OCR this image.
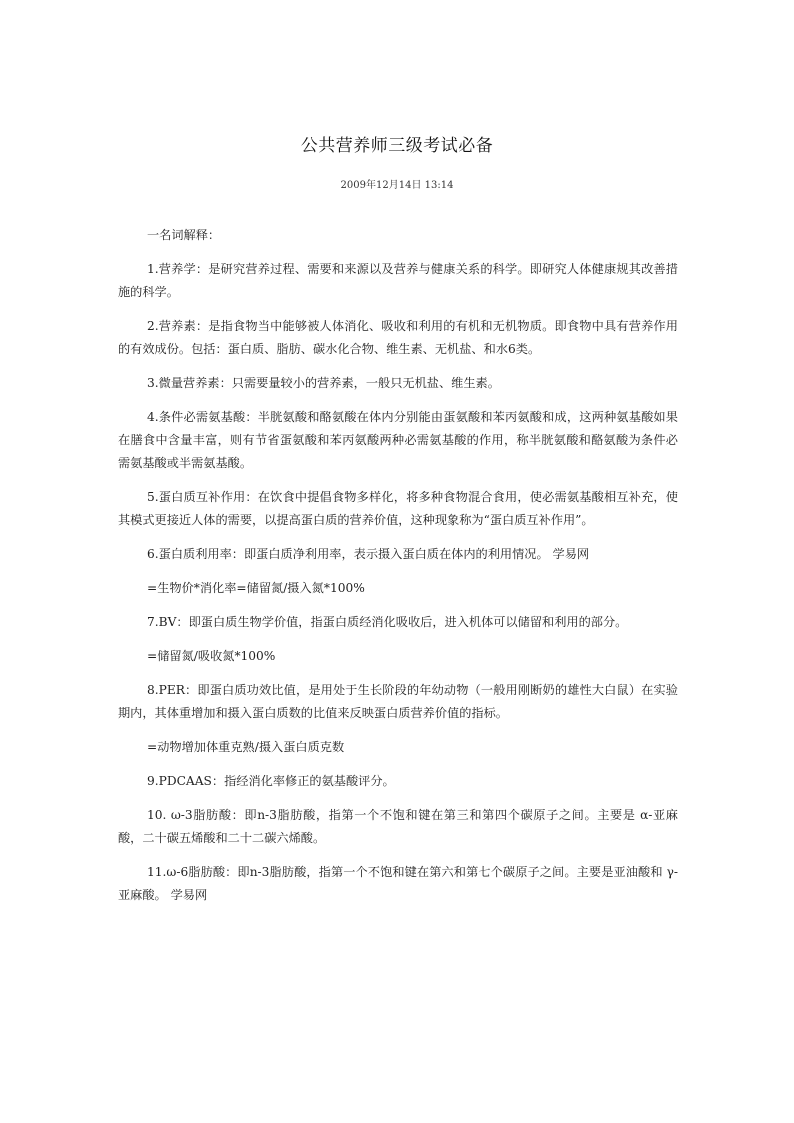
公共营养师三级考试必备
2009年12月14日 13:14

一名词解释：

1.营养学：是研究营养过程、需要和来源以及营养与健康关系的科学。即研究人体健康规其改善措施的科学。

2.营养素：是指食物当中能够被人体消化、吸收和利用的有机和无机物质。即食物中具有营养作用的有效成份。包括：蛋白质、脂肪、碳水化合物、维生素、无机盐、和水6类。

3.微量营养素：只需要量较小的营养素，一般只无机盐、维生素。

4.条件必需氨基酸：半胱氨酸和酪氨酸在体内分别能由蛋氨酸和苯丙氨酸和成，这两种氨基酸如果在膳食中含量丰富，则有节省蛋氨酸和苯丙氨酸两种必需氨基酸的作用，称半胱氨酸和酪氨酸为条件必需氨基酸或半需氨基酸。

5.蛋白质互补作用：在饮食中提倡食物多样化，将多种食物混合食用，使必需氨基酸相互补充，使其模式更接近人体的需要，以提高蛋白质的营养价值，这种现象称为“蛋白质互补作用”。

6.蛋白质利用率：即蛋白质净利用率，表示摄入蛋白质在体内的利用情况。 学易网

=生物价*消化率=储留氮/摄入氮*100%

7.BV：即蛋白质生物学价值，指蛋白质经消化吸收后，进入机体可以储留和利用的部分。

=储留氮/吸收氮*100%

8.PER：即蛋白质功效比值，是用处于生长阶段的年幼动物（一般用刚断奶的雄性大白鼠）在实验期内，其体重增加和摄入蛋白质数的比值来反映蛋白质营养价值的指标。

=动物增加体重克熟/摄入蛋白质克数

9.PDCAAS：指经消化率修正的氨基酸评分。

10. ω-3脂肪酸：即n-3脂肪酸，指第一个不饱和键在第三和第四个碳原子之间。主要是 α-亚麻酸，二十碳五烯酸和二十二碳六烯酸。

11.ω-6脂肪酸：即n-3脂肪酸，指第一个不饱和键在第六和第七个碳原子之间。主要是亚油酸和 γ-亚麻酸。 学易网
